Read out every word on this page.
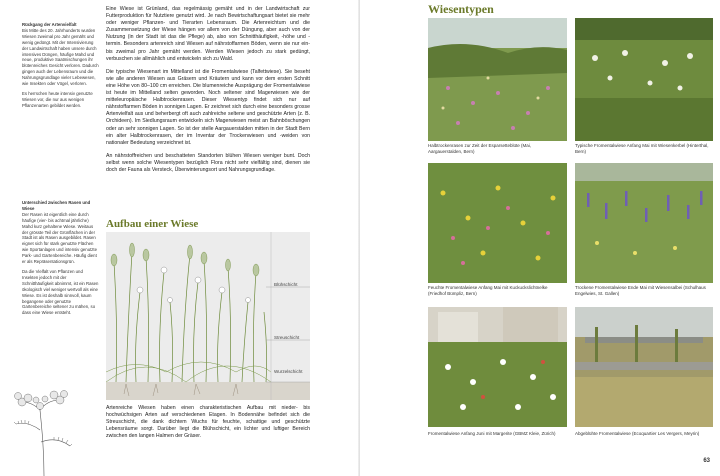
Rückgang der Artenvielfalt
Bis Mitte des 20. Jahrhunderts wurden Wiesen zweimal pro Jahr gemäht und wenig gedüngt. Mit der Intensivierung der Landwirtschaft haben unsere durch intensives Düngen, häufige Mahd und neue, produktive Saatmischungen ihr blütenreiches Gesicht verloren. Dadurch gingen auch der Lebensraum und die Nahrungsgrundlage vieler Lebewesen, wie Insekten oder Vögel, verloren.
Es herrschen heute intensiv genutzte Wiesen vor, die nur aus wenigen Pflanzenarten gebildet werden.
Unterschied zwischen Rasen und Wiese
Der Rasen ist eigentlich eine durch häufige (vier- bis achtmal jährliche) Mahd kurz gehaltene Wiese. Weitaus der grösste Teil der Grünflächen in der Stadt ist als Rasen ausgebildet. Rasen eignet sich für stark genutzte Flächen wie Sportanlagen und intensiv genutzte Park- und Gartenbereiche. Häufig dient er als Repräsentationsgrün.
Da die Vielfalt von Pflanzen und Insekten jedoch mit der Schnitthäufigkeit abnimmt, ist ein Rasen ökologisch viel weniger wertvoll als eine Wiese. Es ist deshalb sinnvoll, kaum begangene oder genutzte Gartenbereiche seltener zu mähen, so dass eine Wiese entsteht.

Eine Wiese ist Grünland, das regelmässig gemäht und in der Landwirtschaft zur Futterproduktion für Nutztiere genutzt wird. Je nach Bewirtschaftungsart bietet sie mehr oder weniger Pflanzen- und Tierarten Lebensraum. Die Artenreichtum und die Zusammensetzung der Wiese hängen vor allem von der Düngung, aber auch von der Nutzung (in der Stadt ist das die Pflege) ab, also von Schnitthäufigkeit, -höhe und -termin. Besonders artenreich sind Wiesen auf nährstoffarmen Böden, wenn sie nur ein- bis zweimal pro Jahr gemäht werden. Werden Wiesen jedoch zu stark gedüngt, verbuschen sie allmählich und entwickeln sich zu Wald.

Die typische Wiesenart im Mittelland ist die Fromentalwiese (Talfettwiese). Sie beseht wie alle anderen Wiesen aus Gräsern und Kräutern und kann vor dem ersten Schnitt eine Höhe von 80–100 cm erreichen. Die blumenreiche Ausprägung der Fromentalwiese ist heute im Mittelland selten geworden. Noch seltener sind Magerwiesen wie der mitteleuropäische Halbtrockenrasen. Dieser Wiesentyp findet sich nur auf nährstoffarmen Böden in sonnigen Lagen. Er zeichnet sich durch eine besonders grosse Artenvielfalt aus und beherbergt oft auch zahlreiche seltene und geschützte Arten (z. B. Orchideen). Im Siedlungsraum entwickeln sich Magerwiesen meist an Bahnböschungen oder an sehr sonnigen Lagen. So ist der stelle Aargauerstalden mitten in der Stadt Bern ein alter Halbtrockenrasen, der im Inventar der Trockenwiesen und -weiden von nationaler Bedeutung verzeichnet ist.

An nährstoffreichen und beschatteten Standorten blühen Wiesen weniger bunt. Doch selbst wenn solche Wiesentypen bezüglich Flora nicht sehr vielfältig sind, dienen sie doch der Fauna als Versteck, Überwinterungsort und Nahrungsgrundlage.

Aufbau einer Wiese
Blühschicht
Streuschicht
Wurzelschicht
Artenreiche Wiesen haben einen charakteristischen Aufbau mit nieder- bis hochwüchsigen Arten auf verschiedenen Etagen. In Bodennähe befindet sich die Streuschicht, die dank dichtem Wuchs für feuchte, schattige und geschützte Lebensräume sorgt. Darüber liegt die Blühschicht, ein lichter und luftiger Bereich zwischen den langen Halmen der Gräser.
Wiesentypen
Halbtrockenrasen zur Zeit der Esparsetteblüte (Mai, Aargauerstalden, Bern)
Typische Fromentalwiese Anfang Mai mit Wiesenkerbel (Hinterthal, Bern)
Feuchte Fromentalwiese Anfang Mai mit Kuckuckslichtnelke (Friedhof Bümpliz, Bern)
Trockene Fromentalwiese Ende Mai mit Wiesensalbei (Schulhaus Engelwies, St. Gallen)
Fromentalwiese Anfang Juni mit Margerite (GBMZ Kleie, Zürich)	Abgeblühte Fromentalwiese (Ecoquartier Les Vergers, Meyrin)
63
